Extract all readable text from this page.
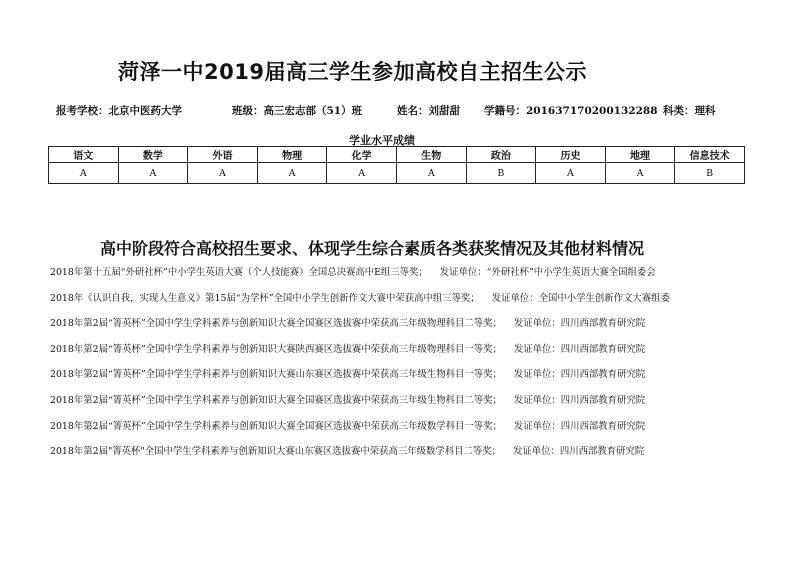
菏泽一中2019届高三学生参加高校自主招生公示
报考学校：北京中医药大学	班级：高三宏志部（51）班	姓名：刘甜甜 学籍号：201637170200132288 科类：理科
学业水平成绩
语文	数学	外语	物理	化学	生物	政治	历史	地理	信息技术
A	A	A	A	A	A	B	A	A	B
高中阶段符合高校招生要求、体现学生综合素质各类获奖情况及其他材料情况
2018年第十五届“外研社杯”中小学生英语大赛（个人技能赛）全国总决赛高中E组三等奖； 发证单位：“外研社杯”中小学生英语大赛全国组委会
2018年《认识自我，实现人生意义》第15届“为学杯”全国中小学生创新作文大赛中荣获高中组三等奖； 发证单位：全国中小学生创新作文大赛组委
2018年第2届“箐英杯”全国中学生学科素养与创新知识大赛全国赛区选拔赛中荣获高三年级物理科目二等奖； 发证单位：四川西部教育研究院
2018年第2届“箐英杯”全国中学生学科素养与创新知识大赛陕西赛区选拔赛中荣获高三年级物理科目一等奖； 发证单位：四川西部教育研究院
2018年第2届“箐英杯”全国中学生学科素养与创新知识大赛山东赛区选拔赛中荣获高三年级生物科目一等奖； 发证单位：四川西部教育研究院
2018年第2届“箐英杯”全国中学生学科素养与创新知识大赛全国赛区选拔赛中荣获高三年级生物科目二等奖； 发证单位：四川西部教育研究院
2018年第2届“箐英杯”全国中学生学科素养与创新知识大赛全国赛区选拔赛中荣获高三年级数学科目一等奖； 发证单位：四川西部教育研究院
2018年第2届"箐英杯"全国中学生学科素养与创新知识大赛山东赛区选拔赛中荣获高三年级数学科目二等奖； 发证单位：四川西部教育研究院
